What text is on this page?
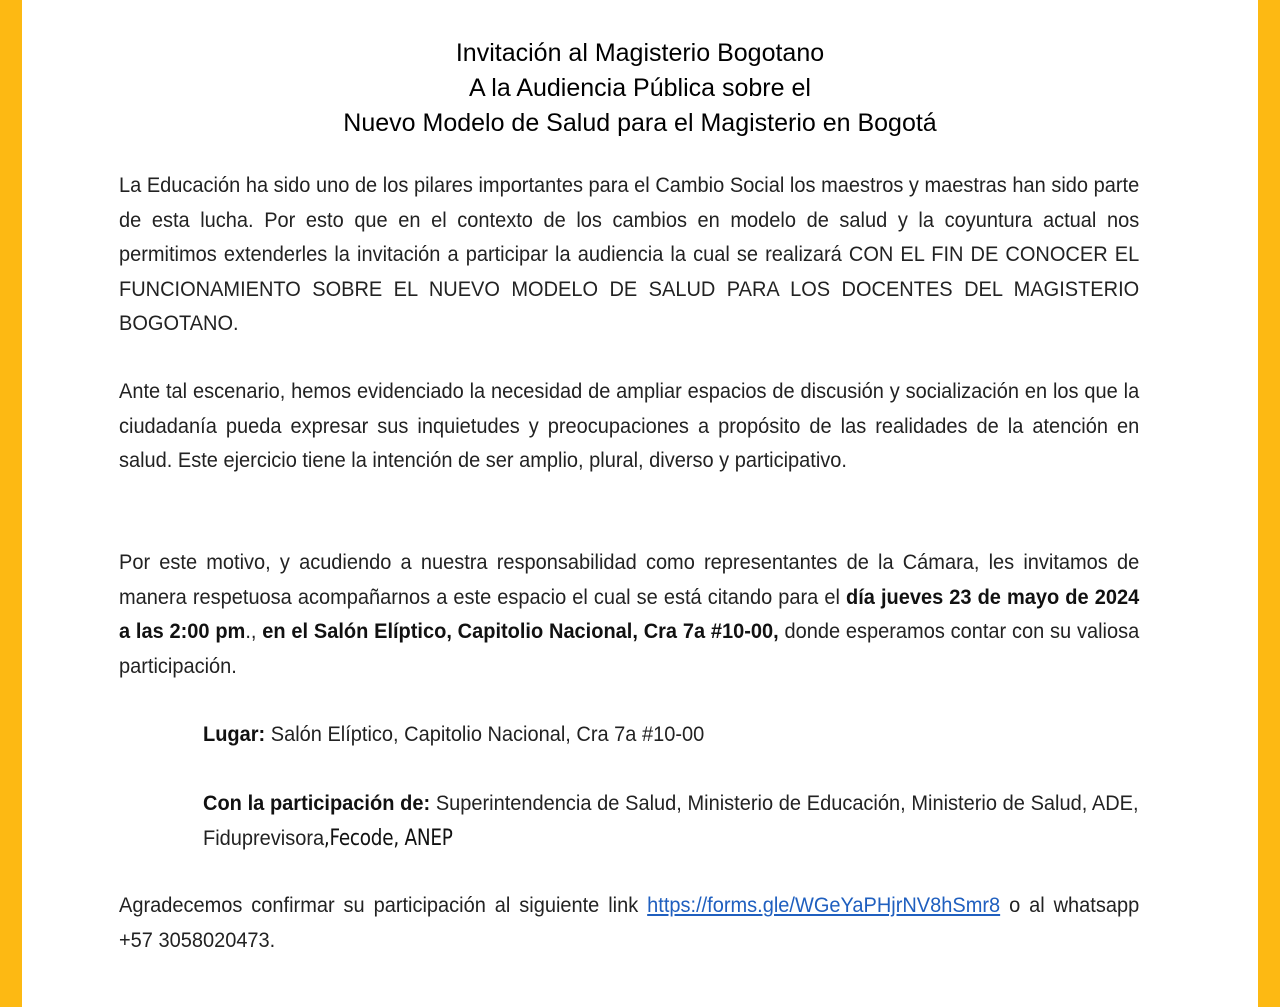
Invitación al Magisterio Bogotano
A la Audiencia Pública sobre el
Nuevo Modelo de Salud para el Magisterio en Bogotá
La Educación ha sido uno de los pilares importantes para el Cambio Social los maestros y maestras han sido parte de esta lucha. Por esto que en el contexto de los cambios en modelo de salud y la coyuntura actual nos permitimos extenderles la invitación a participar la audiencia la cual se realizará CON EL FIN DE CONOCER EL FUNCIONAMIENTO SOBRE EL NUEVO MODELO DE SALUD PARA LOS DOCENTES DEL MAGISTERIO BOGOTANO.
Ante tal escenario, hemos evidenciado la necesidad de ampliar espacios de discusión y socialización en los que la ciudadanía pueda expresar sus inquietudes y preocupaciones a propósito de las realidades de la atención en salud. Este ejercicio tiene la intención de ser amplio, plural, diverso y participativo.
Por este motivo, y acudiendo a nuestra responsabilidad como representantes de la Cámara, les invitamos de manera respetuosa acompañarnos a este espacio el cual se está citando para el día jueves 23 de mayo de 2024 a las 2:00 pm., en el Salón Elíptico, Capitolio Nacional, Cra 7a #10-00, donde esperamos contar con su valiosa participación.
Lugar: Salón Elíptico, Capitolio Nacional, Cra 7a #10-00
Con la participación de: Superintendencia de Salud, Ministerio de Educación, Ministerio de Salud, ADE, Fiduprevisora,Fecode, ANEP
Agradecemos confirmar su participación al siguiente link https://forms.gle/WGeYaPHjrNV8hSmr8 o al whatsapp +57 3058020473.
